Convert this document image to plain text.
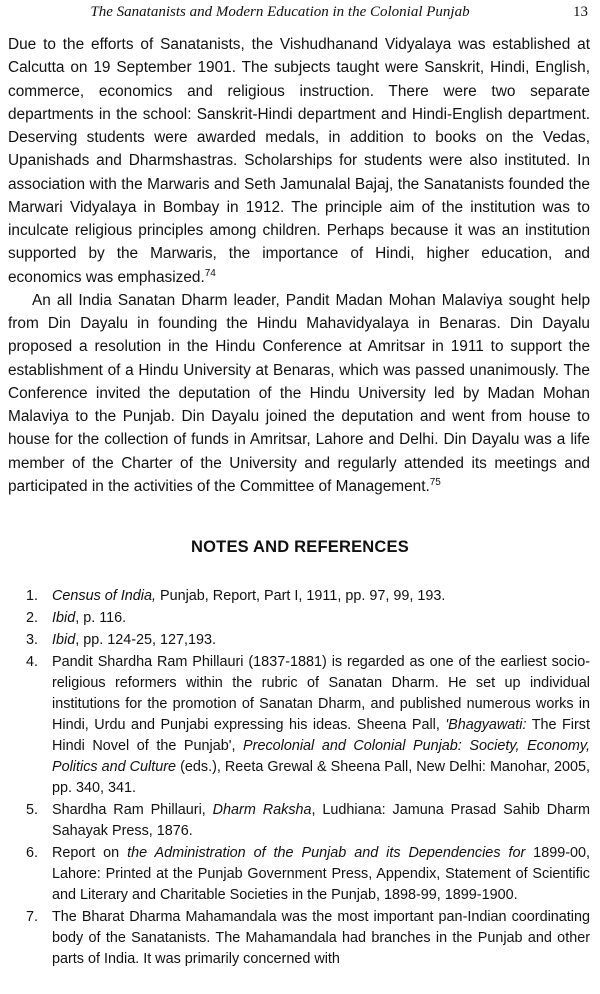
The Sanatanists and Modern Education in the Colonial Punjab	13

Due to the efforts of Sanatanists, the Vishudhanand Vidyalaya was established at Calcutta on 19 September 1901. The subjects taught were Sanskrit, Hindi, English, commerce, economics and religious instruction. There were two separate departments in the school: Sanskrit-Hindi department and Hindi-English department. Deserving students were awarded medals, in addition to books on the Vedas, Upanishads and Dharmshastras. Scholarships for students were also instituted. In association with the Marwaris and Seth Jamunalal Bajaj, the Sanatanists founded the Marwari Vidyalaya in Bombay in 1912. The principle aim of the institution was to inculcate religious principles among children. Perhaps because it was an institution supported by the Marwaris, the importance of Hindi, higher education, and economics was emphasized.$^{74}$

An all India Sanatan Dharm leader, Pandit Madan Mohan Malaviya sought help from Din Dayalu in founding the Hindu Mahavidyalaya in Benaras. Din Dayalu proposed a resolution in the Hindu Conference at Amritsar in 1911 to support the establishment of a Hindu University at Benaras, which was passed unanimously. The Conference invited the deputation of the Hindu University led by Madan Mohan Malaviya to the Punjab. Din Dayalu joined the deputation and went from house to house for the collection of funds in Amritsar, Lahore and Delhi. Din Dayalu was a life member of the Charter of the University and regularly attended its meetings and participated in the activities of the Committee of Management.$^{75}$

NOTES AND REFERENCES
1. Census of India, Punjab, Report, Part I, 1911, pp. 97, 99, 193.
2. Ibid, p. 116.
3. Ibid, pp. 124-25, 127,193.
4. Pandit Shardha Ram Phillauri (1837-1881) is regarded as one of the earliest socio-religious reformers within the rubric of Sanatan Dharm. He set up individual institutions for the promotion of Sanatan Dharm, and published numerous works in Hindi, Urdu and Punjabi expressing his ideas. Sheena Pall, 'Bhagyawati: The First Hindi Novel of the Punjab', Precolonial and Colonial Punjab: Society, Economy, Politics and Culture (eds.), Reeta Grewal & Sheena Pall, New Delhi: Manohar, 2005, pp. 340, 341.
5. Shardha Ram Phillauri, Dharm Raksha, Ludhiana: Jamuna Prasad Sahib Dharm Sahayak Press, 1876.
6. Report on the Administration of the Punjab and its Dependencies for 1899-00, Lahore: Printed at the Punjab Government Press, Appendix, Statement of Scientific and Literary and Charitable Societies in the Punjab, 1898-99, 1899-1900.
7. The Bharat Dharma Mahamandala was the most important pan-Indian coordinating body of the Sanatanists. The Mahamandala had branches in the Punjab and other parts of India. It was primarily concerned with
